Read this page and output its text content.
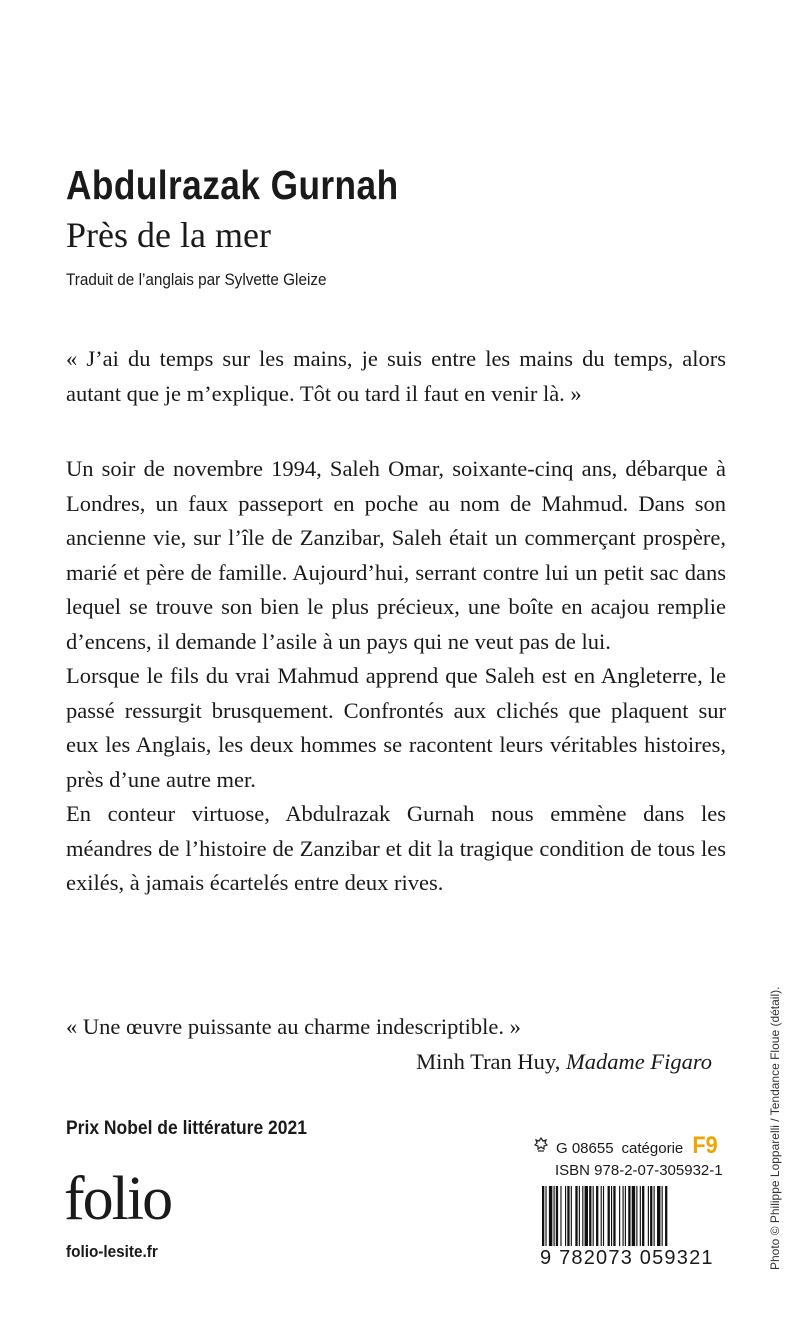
Abdulrazak Gurnah
Près de la mer
Traduit de l’anglais par Sylvette Gleize

« J’ai du temps sur les mains, je suis entre les mains du temps, alors autant que je m’explique. Tôt ou tard il faut en venir là. »

Un soir de novembre 1994, Saleh Omar, soixante-cinq ans, débarque à Londres, un faux passeport en poche au nom de Mahmud. Dans son ancienne vie, sur l’île de Zanzibar, Saleh était un commerçant prospère, marié et père de famille. Aujourd’hui, serrant contre lui un petit sac dans lequel se trouve son bien le plus précieux, une boîte en acajou remplie d’encens, il demande l’asile à un pays qui ne veut pas de lui.

Lorsque le fils du vrai Mahmud apprend que Saleh est en Angleterre, le passé ressurgit brusquement. Confrontés aux clichés que plaquent sur eux les Anglais, les deux hommes se racontent leurs véritables histoires, près d’une autre mer.

En conteur virtuose, Abdulrazak Gurnah nous emmène dans les méandres de l’histoire de Zanzibar et dit la tragique condition de tous les exilés, à jamais écartelés entre deux rives.

« Une œuvre puissante au charme indescriptible. »

Minh Tran Huy, Madame Figaro

Prix Nobel de littérature 2021
folio
folio-lesite.fr
G 08655 catégorie F9
ISBN 978-2-07-305932-1
9 782073 059321	Photo © Philippe Lopparelli / Tendance Floue (détail).
